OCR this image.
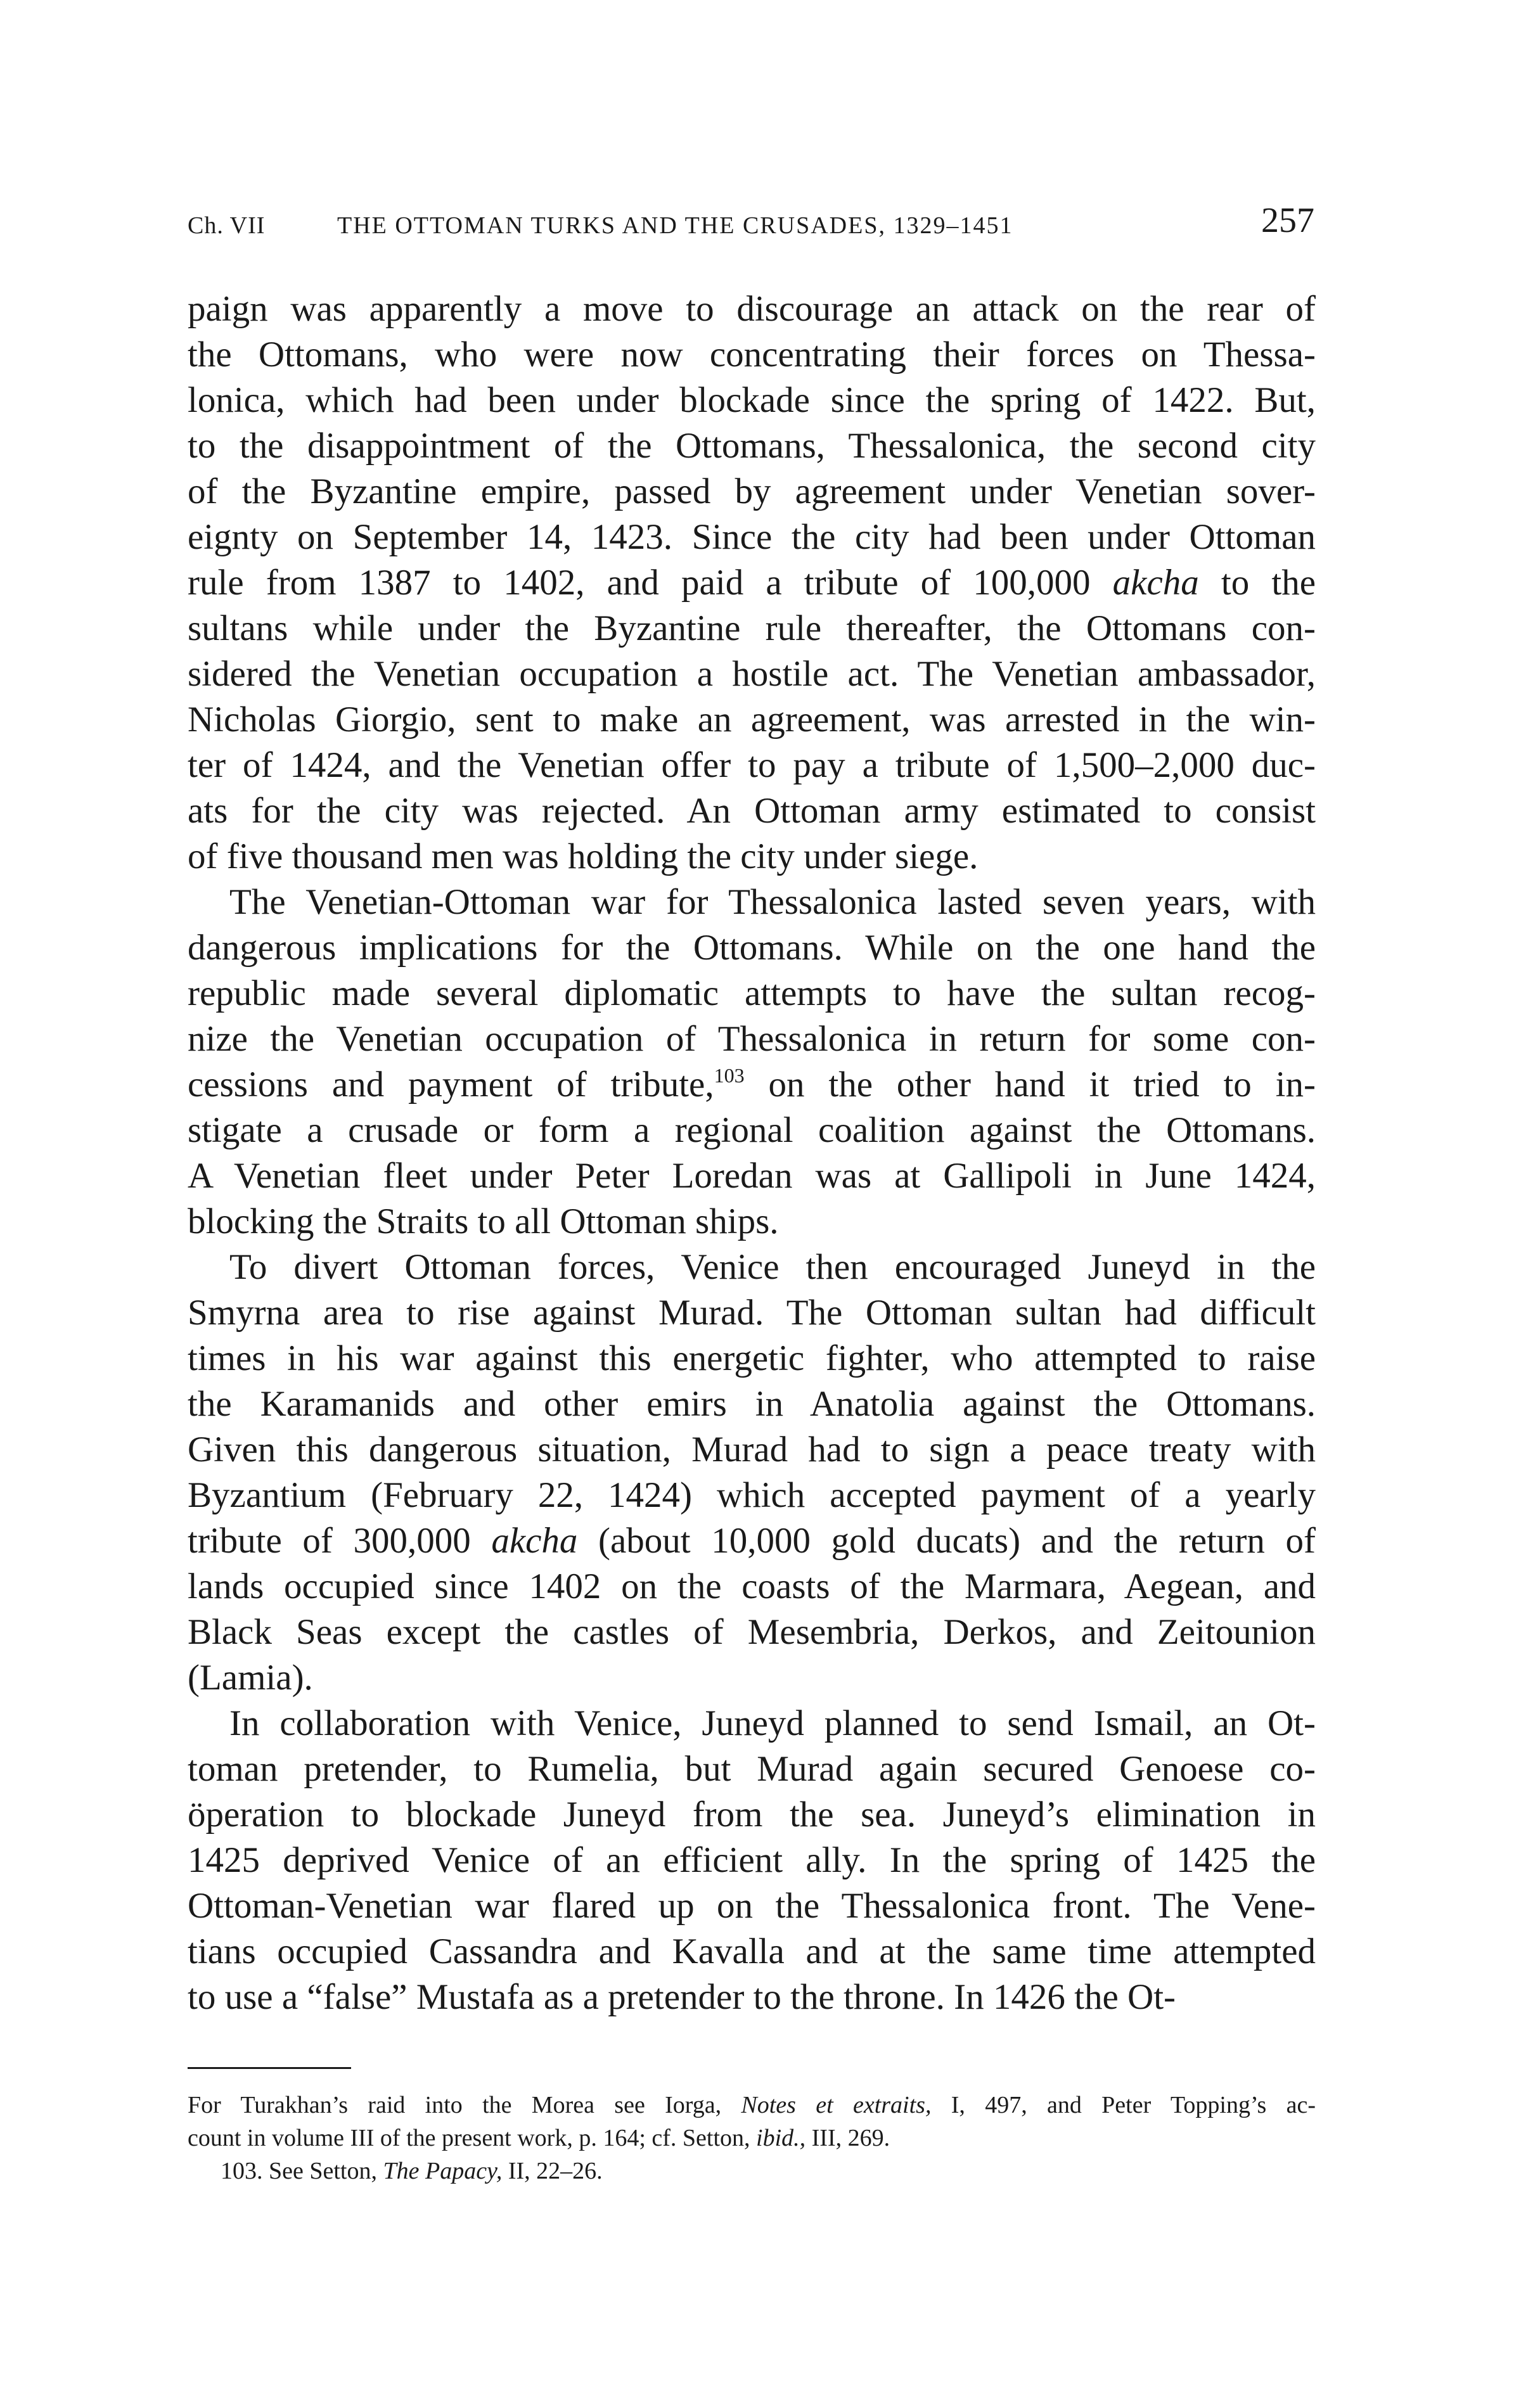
Ch. VII	THE OTTOMAN TURKS AND THE CRUSADES, 1329–1451	257
paign was apparently a move to discourage an attack on the rear of
the Ottomans, who were now concentrating their forces on Thessa-
lonica, which had been under blockade since the spring of 1422. But,
to the disappointment of the Ottomans, Thessalonica, the second city
of the Byzantine empire, passed by agreement under Venetian sover-
eignty on September 14, 1423. Since the city had been under Ottoman
rule from 1387 to 1402, and paid a tribute of 100,000 akcha to the
sultans while under the Byzantine rule thereafter, the Ottomans con-
sidered the Venetian occupation a hostile act. The Venetian ambassador,
Nicholas Giorgio, sent to make an agreement, was arrested in the win-
ter of 1424, and the Venetian offer to pay a tribute of 1,500–2,000 duc-
ats for the city was rejected. An Ottoman army estimated to consist
of five thousand men was holding the city under siege.
The Venetian-Ottoman war for Thessalonica lasted seven years, with
dangerous implications for the Ottomans. While on the one hand the
republic made several diplomatic attempts to have the sultan recog-
nize the Venetian occupation of Thessalonica in return for some con-
cessions and payment of tribute,$^{103}$ on the other hand it tried to in-
stigate a crusade or form a regional coalition against the Ottomans.
A Venetian fleet under Peter Loredan was at Gallipoli in June 1424,
blocking the Straits to all Ottoman ships.
To divert Ottoman forces, Venice then encouraged Juneyd in the
Smyrna area to rise against Murad. The Ottoman sultan had difficult
times in his war against this energetic fighter, who attempted to raise
the Karamanids and other emirs in Anatolia against the Ottomans.
Given this dangerous situation, Murad had to sign a peace treaty with
Byzantium (February 22, 1424) which accepted payment of a yearly
tribute of 300,000 akcha (about 10,000 gold ducats) and the return of
lands occupied since 1402 on the coasts of the Marmara, Aegean, and
Black Seas except the castles of Mesembria, Derkos, and Zeitounion
(Lamia).
In collaboration with Venice, Juneyd planned to send Ismail, an Ot-
toman pretender, to Rumelia, but Murad again secured Genoese co-
öperation to blockade Juneyd from the sea. Juneyd’s elimination in
1425 deprived Venice of an efficient ally. In the spring of 1425 the
Ottoman-Venetian war flared up on the Thessalonica front. The Vene-
tians occupied Cassandra and Kavalla and at the same time attempted
to use a “false” Mustafa as a pretender to the throne. In 1426 the Ot-
For Turakhan’s raid into the Morea see Iorga, Notes et extraits, I, 497, and Peter Topping’s ac-
count in volume III of the present work, p. 164; cf. Setton, ibid., III, 269.
103. See Setton, The Papacy, II, 22–26.
